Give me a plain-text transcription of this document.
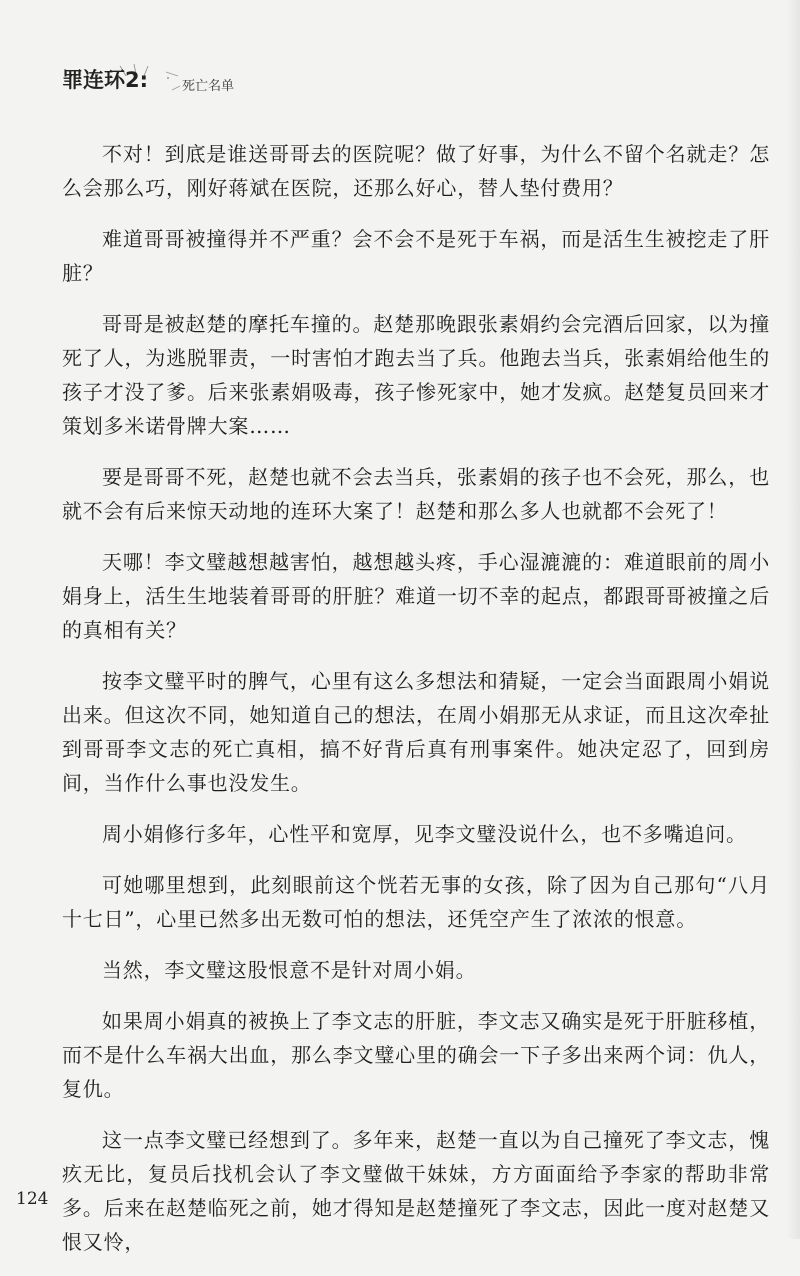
罪连环2:	死亡名单

不对！到底是谁送哥哥去的医院呢？做了好事，为什么不留个名就走？怎么会那么巧，刚好蒋斌在医院，还那么好心，替人垫付费用？

难道哥哥被撞得并不严重？会不会不是死于车祸，而是活生生被挖走了肝脏？

哥哥是被赵楚的摩托车撞的。赵楚那晚跟张素娟约会完酒后回家，以为撞死了人，为逃脱罪责，一时害怕才跑去当了兵。他跑去当兵，张素娟给他生的孩子才没了爹。后来张素娟吸毒，孩子惨死家中，她才发疯。赵楚复员回来才策划多米诺骨牌大案……

要是哥哥不死，赵楚也就不会去当兵，张素娟的孩子也不会死，那么，也就不会有后来惊天动地的连环大案了！赵楚和那么多人也就都不会死了！

天哪！李文璧越想越害怕，越想越头疼，手心湿漉漉的：难道眼前的周小娟身上，活生生地装着哥哥的肝脏？难道一切不幸的起点，都跟哥哥被撞之后的真相有关？

按李文璧平时的脾气，心里有这么多想法和猜疑，一定会当面跟周小娟说出来。但这次不同，她知道自己的想法，在周小娟那无从求证，而且这次牵扯到哥哥李文志的死亡真相，搞不好背后真有刑事案件。她决定忍了，回到房间，当作什么事也没发生。

周小娟修行多年，心性平和宽厚，见李文璧没说什么，也不多嘴追问。

可她哪里想到，此刻眼前这个恍若无事的女孩，除了因为自己那句“八月十七日”，心里已然多出无数可怕的想法，还凭空产生了浓浓的恨意。

当然，李文璧这股恨意不是针对周小娟。

如果周小娟真的被换上了李文志的肝脏，李文志又确实是死于肝脏移植，而不是什么车祸大出血，那么李文璧心里的确会一下子多出来两个词：仇人，复仇。

这一点李文璧已经想到了。多年来，赵楚一直以为自己撞死了李文志，愧疚无比，复员后找机会认了李文璧做干妹妹，方方面面给予李家的帮助非常多。后来在赵楚临死之前，她才得知是赵楚撞死了李文志，因此一度对赵楚又恨又怜，

124
